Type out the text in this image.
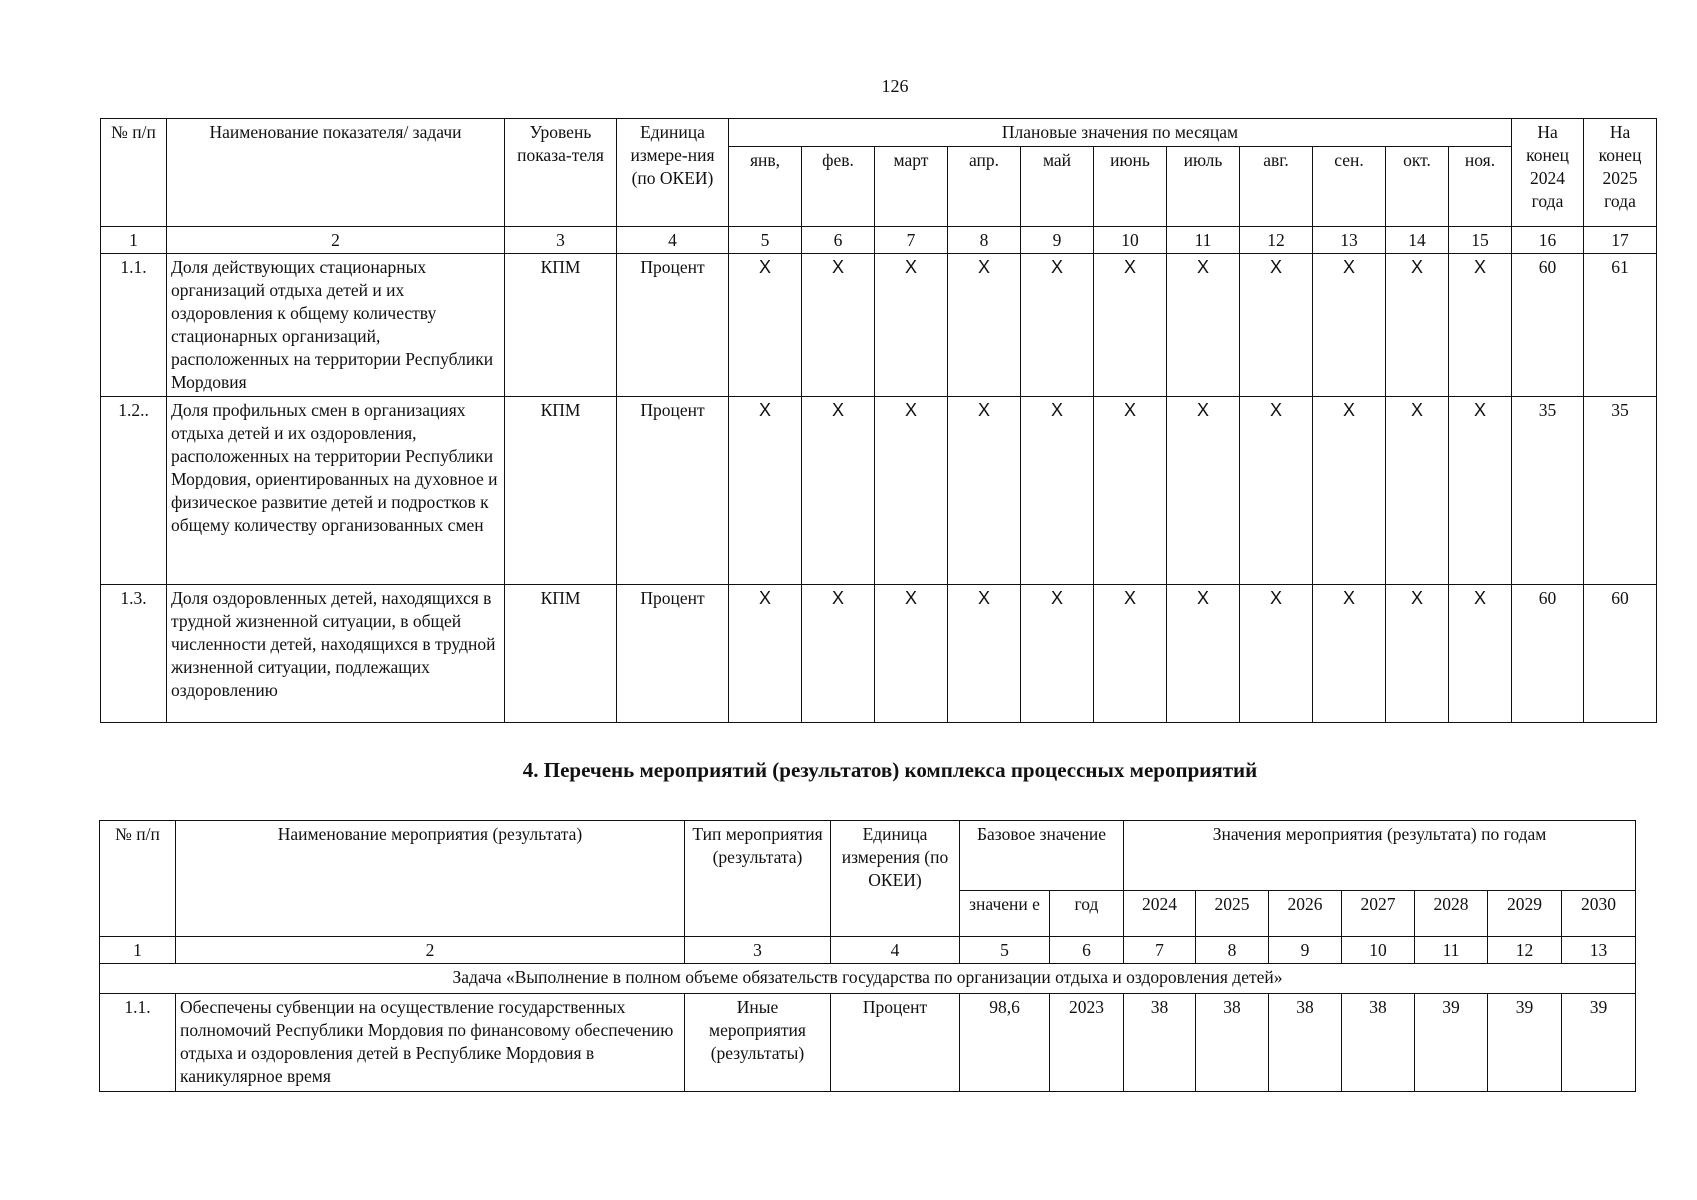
126
№ п/п	Наименование показателя/ задачи	Уровень показа-теля	Единица измере-ния (по ОКЕИ)	Плановые значения по месяцам											На конец 2024 года	На конец 2025 года
				янв,	фев.	март	апр.	май	июнь	июль	авг.	сен.	окт.	ноя.		
1	2	3	4	5	6	7	8	9	10	11	12	13	14	15	16	17
1.1.	Доля действующих стационарных организаций отдыха детей и их оздоровления к общему количеству стационарных организаций, расположенных на территории Республики Мордовия	КПМ	Процент	Х	Х	Х	Х	Х	Х	Х	Х	Х	Х	Х	60	61
1.2..	Доля профильных смен в организациях отдыха детей и их оздоровления, расположенных на территории Республики Мордовия, ориентированных на духовное и физическое развитие детей и подростков к общему количеству организованных смен	КПМ	Процент	Х	Х	Х	Х	Х	Х	Х	Х	Х	Х	Х	35	35
1.3.	Доля оздоровленных детей, находящихся в трудной жизненной ситуации, в общей численности детей, находящихся в трудной жизненной ситуации, подлежащих оздоровлению	КПМ	Процент	Х	Х	Х	Х	Х	Х	Х	Х	Х	Х	Х	60	60
4. Перечень мероприятий (результатов) комплекса процессных мероприятий
№ п/п	Наименование мероприятия (результата)	Тип мероприятия (результата)	Единица измерения (по ОКЕИ)	Базовое значение		Значения мероприятия (результата) по годам						
				значени е	год	2024	2025	2026	2027	2028	2029	2030
1	2	3	4	5	6	7	8	9	10	11	12	13
Задача «Выполнение в полном объеме обязательств государства по организации отдыха и оздоровления детей»												
1.1.	Обеспечены субвенции на осуществление государственных полномочий Республики Мордовия по финансовому обеспечению отдыха и оздоровления детей в Республике Мордовия в каникулярное время	Иные мероприятия (результаты)	Процент	98,6	2023	38	38	38	38	39	39	39
